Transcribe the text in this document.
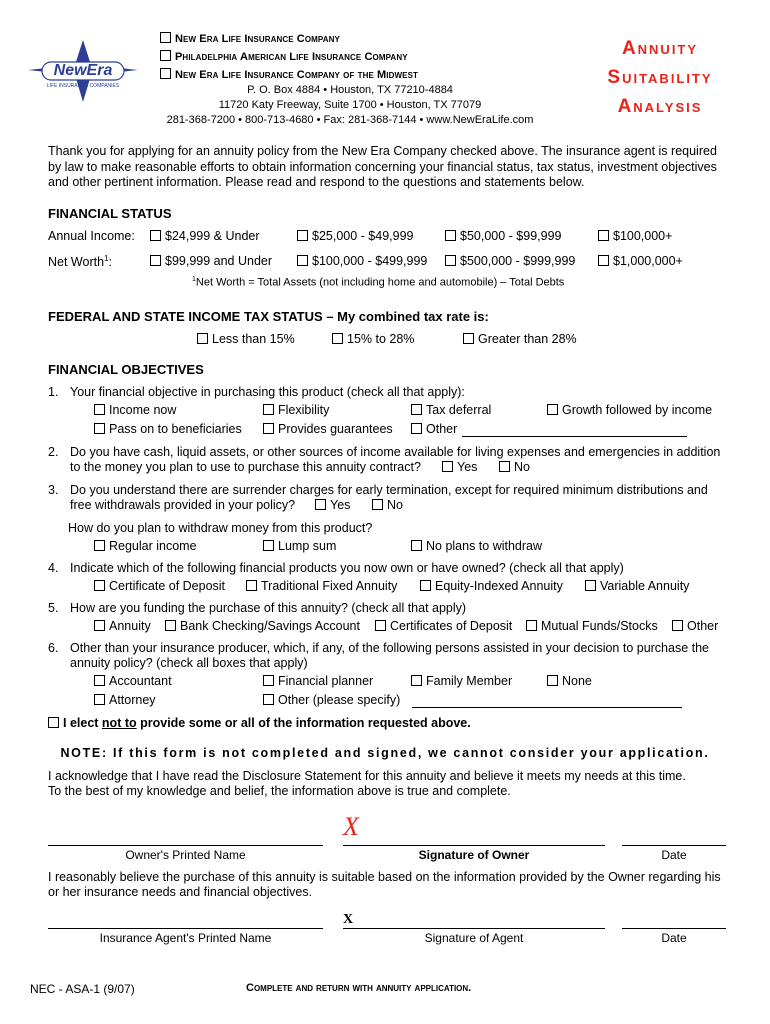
NewEra
LIFE INSURANCE COMPANIES
New Era Life Insurance Company
Philadelphia American Life Insurance Company
New Era Life Insurance Company of the Midwest
P. O. Box 4884 • Houston, TX 77210-4884
11720 Katy Freeway, Suite 1700 • Houston, TX 77079
281-368-7200 • 800-713-4680 • Fax: 281-368-7144 • www.NewEraLife.com
Annuity
Suitability
Analysis
Thank you for applying for an annuity policy from the New Era Company checked above. The insurance agent is required by law to make reasonable efforts to obtain information concerning your financial status, tax status, investment objectives and other pertinent information. Please read and respond to the questions and statements below.
FINANCIAL STATUS
Annual Income:	$24,999 & Under	$25,000 - $49,999	$50,000 - $99,999	$100,000+
Net Worth$^1$:	$99,999 and Under	$100,000 - $499,999	$500,000 - $999,999	$1,000,000+
$^1$Net Worth = Total Assets (not including home and automobile) – Total Debts
FEDERAL AND STATE INCOME TAX STATUS – My combined tax rate is:
Less than 15%	15% to 28%	Greater than 28%
FINANCIAL OBJECTIVES
1. Your financial objective in purchasing this product (check all that apply):
Income now	Flexibility	Tax deferral	Growth followed by income
Pass on to beneficiaries	Provides guarantees	Other
2. Do you have cash, liquid assets, or other sources of income available for living expenses and emergencies in addition
to the money you plan to use to purchase this annuity contract?	Yes	No
3. Do you understand there are surrender charges for early termination, except for required minimum distributions and
free withdrawals provided in your policy?	Yes	No
How do you plan to withdraw money from this product?
Regular income	Lump sum	No plans to withdraw
4. Indicate which of the following financial products you now own or have owned? (check all that apply)
Certificate of Deposit	Traditional Fixed Annuity	Equity-Indexed Annuity	Variable Annuity
5. How are you funding the purchase of this annuity? (check all that apply)
Annuity	Bank Checking/Savings Account	Certificates of Deposit	Mutual Funds/Stocks	Other
6. Other than your insurance producer, which, if any, of the following persons assisted in your decision to purchase the
annuity policy? (check all boxes that apply)
Accountant	Financial planner	Family Member	None
Attorney	Other (please specify)
I elect not to provide some or all of the information requested above.
NOTE: If this form is not completed and signed, we cannot consider your application.
I acknowledge that I have read the Disclosure Statement for this annuity and believe it meets my needs at this time.
To the best of my knowledge and belief, the information above is true and complete.
X
Owner's Printed Name	Signature of Owner	Date
I reasonably believe the purchase of this annuity is suitable based on the information provided by the Owner regarding his
or her insurance needs and financial objectives.
X
Insurance Agent's Printed Name	Signature of Agent	Date
NEC - ASA-1 (9/07)	Complete and return with annuity application.
